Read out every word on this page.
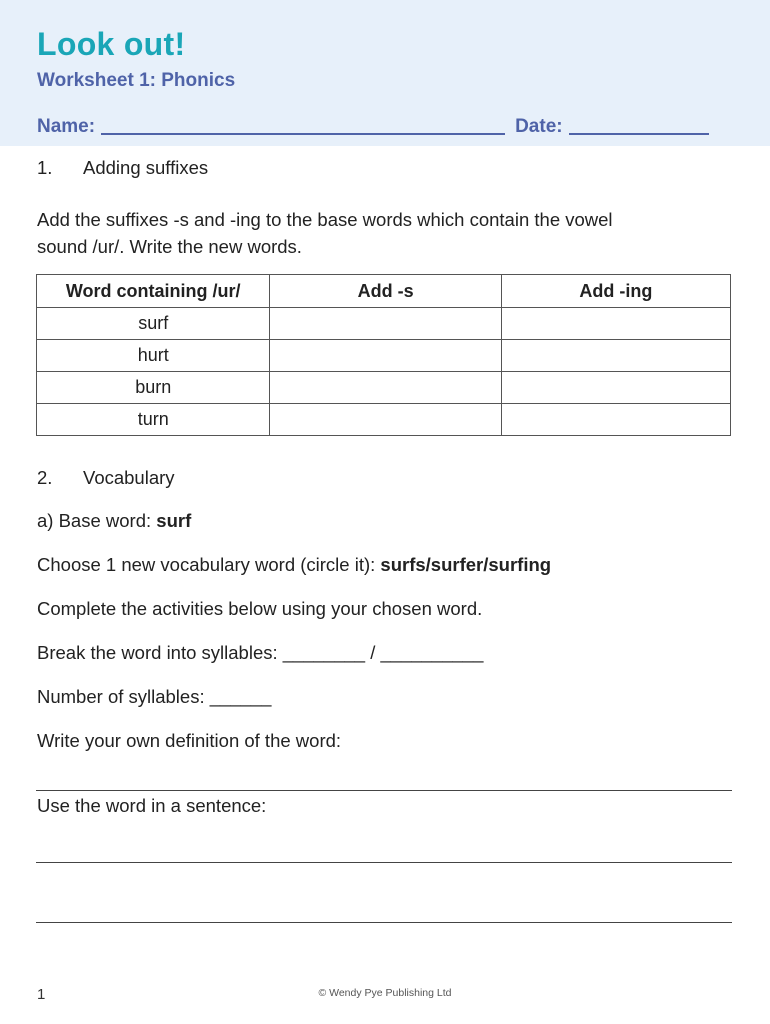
Look out!
Worksheet 1: Phonics
Name:	Date:
1. Adding suffixes
Add the suffixes -s and -ing to the base words which contain the vowel
sound /ur/. Write the new words.
Word containing /ur/	Add -s	Add -ing
surf		
hurt		
burn		
turn		
2. Vocabulary
a) Base word: surf
Choose 1 new vocabulary word (circle it): surfs/surfer/surfing
Complete the activities below using your chosen word.
Break the word into syllables: ________ / __________
Number of syllables: ______
Write your own definition of the word:
Use the word in a sentence:
1	© Wendy Pye Publishing Ltd
